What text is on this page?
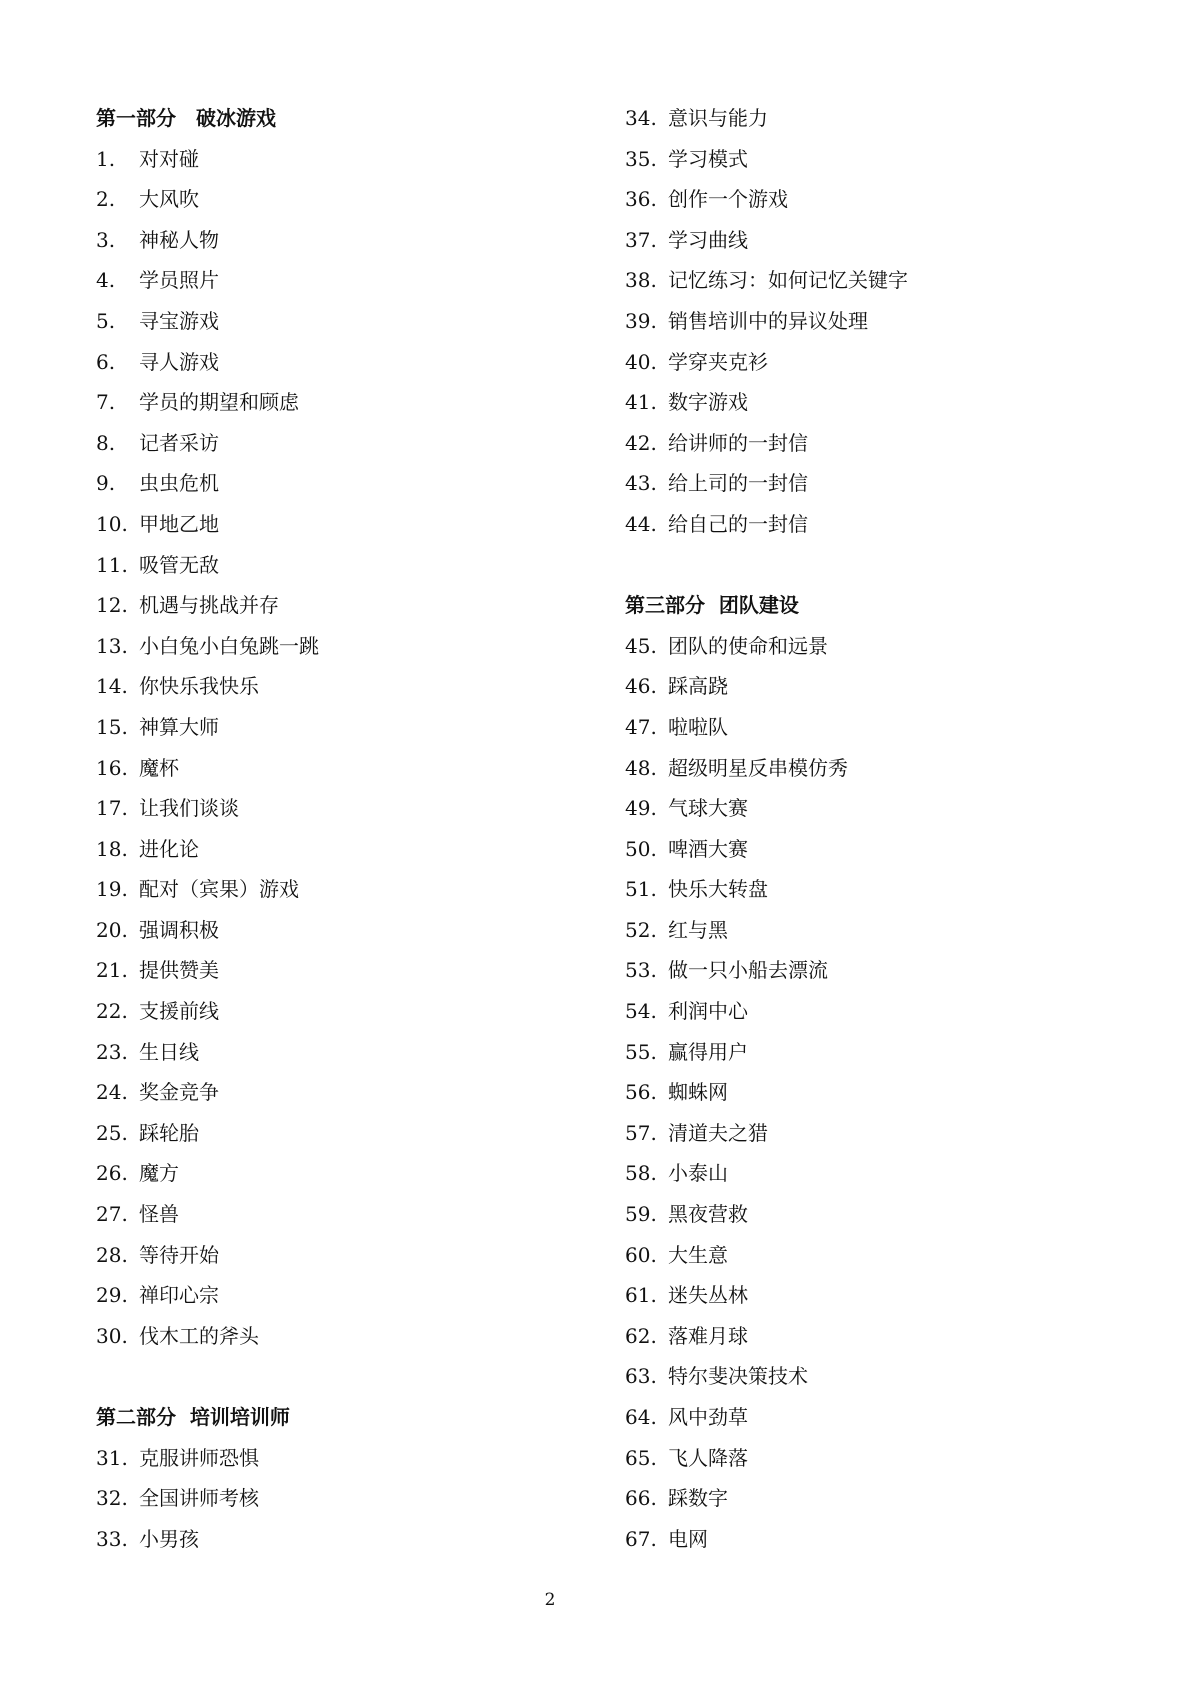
第一部分　破冰游戏
1. 对对碰
2. 大风吹
3. 神秘人物
4. 学员照片
5. 寻宝游戏
6. 寻人游戏
7. 学员的期望和顾虑
8. 记者采访
9. 虫虫危机
10. 甲地乙地
11. 吸管无敌
12. 机遇与挑战并存
13. 小白兔小白兔跳一跳
14. 你快乐我快乐
15. 神算大师
16. 魔杯
17. 让我们谈谈
18. 进化论
19. 配对（宾果）游戏
20. 强调积极
21. 提供赞美
22. 支援前线
23. 生日线
24. 奖金竞争
25. 踩轮胎
26. 魔方
27. 怪兽
28. 等待开始
29. 禅印心宗
30. 伐木工的斧头
第二部分  培训培训师
31. 克服讲师恐惧
32. 全国讲师考核
33. 小男孩
34. 意识与能力
35. 学习模式
36. 创作一个游戏
37. 学习曲线
38. 记忆练习：如何记忆关键字
39. 销售培训中的异议处理
40. 学穿夹克衫
41. 数字游戏
42. 给讲师的一封信
43. 给上司的一封信
44. 给自己的一封信
第三部分  团队建设
45. 团队的使命和远景
46. 踩高跷
47. 啦啦队
48. 超级明星反串模仿秀
49. 气球大赛
50. 啤酒大赛
51. 快乐大转盘
52. 红与黑
53. 做一只小船去漂流
54. 利润中心
55. 赢得用户
56. 蜘蛛网
57. 清道夫之猎
58. 小泰山
59. 黑夜营救
60. 大生意
61. 迷失丛林
62. 落难月球
63. 特尔斐决策技术
64. 风中劲草
65. 飞人降落
66. 踩数字
67. 电网
2
